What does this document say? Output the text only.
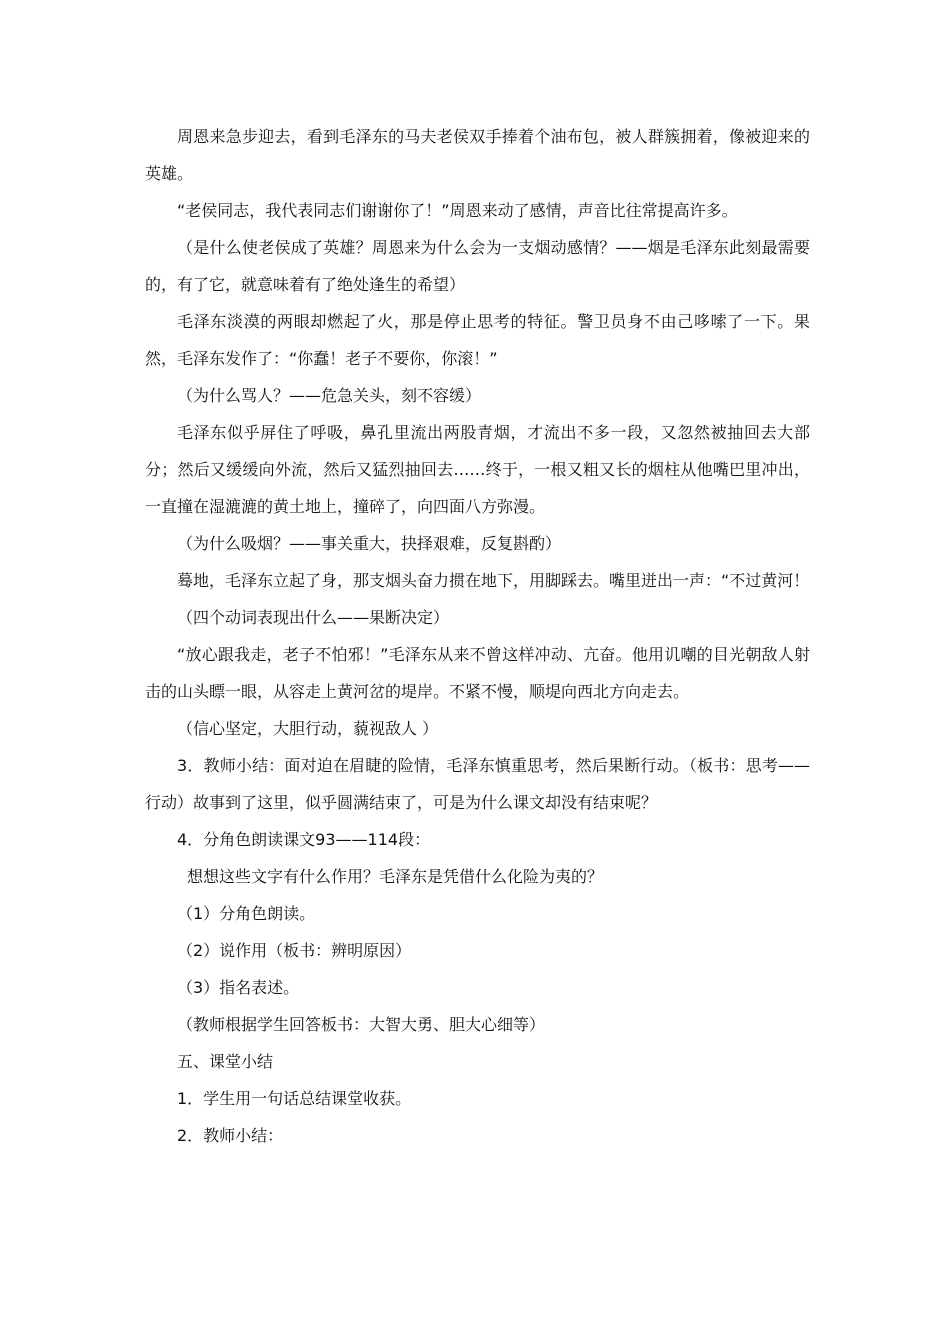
周恩来急步迎去，看到毛泽东的马夫老侯双手捧着个油布包，被人群簇拥着，像被迎来的英雄。

“老侯同志，我代表同志们谢谢你了！”周恩来动了感情，声音比往常提高许多。

（是什么使老侯成了英雄？周恩来为什么会为一支烟动感情？——烟是毛泽东此刻最需要的，有了它，就意味着有了绝处逢生的希望）

毛泽东淡漠的两眼却燃起了火，那是停止思考的特征。警卫员身不由己哆嗦了一下。果然，毛泽东发作了：“你蠢！老子不要你，你滚！”

（为什么骂人？——危急关头，刻不容缓）

毛泽东似乎屏住了呼吸，鼻孔里流出两股青烟，才流出不多一段，又忽然被抽回去大部分；然后又缓缓向外流，然后又猛烈抽回去……终于，一根又粗又长的烟柱从他嘴巴里冲出，一直撞在湿漉漉的黄土地上，撞碎了，向四面八方弥漫。

（为什么吸烟？——事关重大，抉择艰难，反复斟酌）

蓦地，毛泽东立起了身，那支烟头奋力掼在地下，用脚踩去。嘴里迸出一声：“不过黄河！

（四个动词表现出什么——果断决定）

“放心跟我走，老子不怕邪！”毛泽东从来不曾这样冲动、亢奋。他用讥嘲的目光朝敌人射击的山头瞟一眼，从容走上黄河岔的堤岸。不紧不慢，顺堤向西北方向走去。

（信心坚定，大胆行动，藐视敌人 ）

3．教师小结：面对迫在眉睫的险情，毛泽东慎重思考，然后果断行动。（板书：思考——行动）故事到了这里，似乎圆满结束了，可是为什么课文却没有结束呢？

4．分角色朗读课文93——114段：

想想这些文字有什么作用？毛泽东是凭借什么化险为夷的？

（1）分角色朗读。

（2）说作用（板书：辨明原因）

（3）指名表述。

（教师根据学生回答板书：大智大勇、胆大心细等）

五、课堂小结

1．学生用一句话总结课堂收获。

2．教师小结：
